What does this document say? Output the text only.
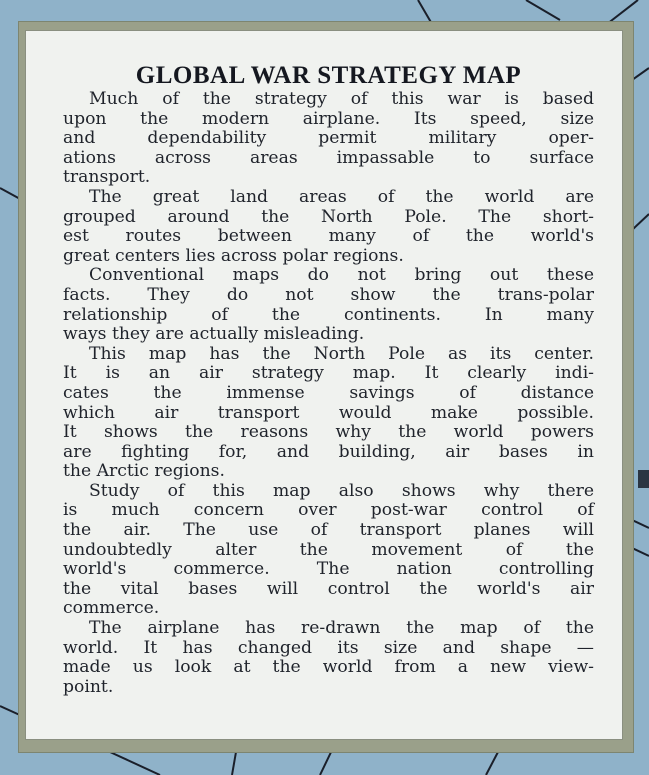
GLOBAL WAR STRATEGY MAP
Much of the strategy of this war is based
upon the modern airplane. Its speed, size
and dependability permit military oper-
ations across areas impassable to surface
transport.
The great land areas of the world are
grouped around the North Pole. The short-
est routes between many of the world's
great centers lies across polar regions.
Conventional maps do not bring out these
facts. They do not show the trans-polar
relationship of the continents. In many
ways they are actually misleading.
This map has the North Pole as its center.
It is an air strategy map. It clearly indi-
cates the immense savings of distance
which air transport would make possible.
It shows the reasons why the world powers
are fighting for, and building, air bases in
the Arctic regions.
Study of this map also shows why there
is much concern over post-war control of
the air. The use of transport planes will
undoubtedly alter the movement of the
world's commerce. The nation controlling
the vital bases will control the world's air
commerce.
The airplane has re-drawn the map of the
world. It has changed its size and shape —
made us look at the world from a new view-
point.
